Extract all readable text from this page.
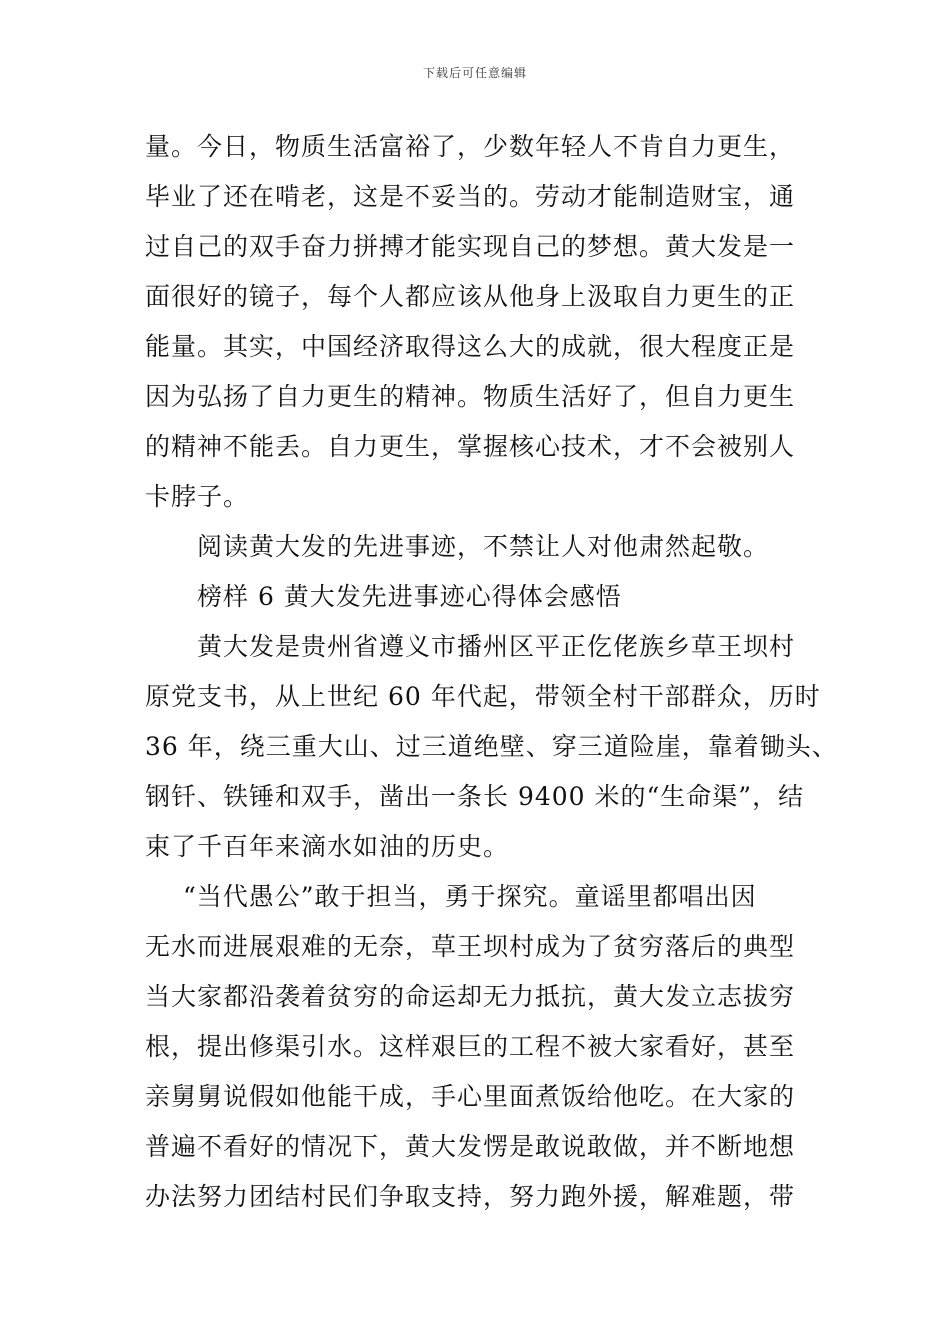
下载后可任意编辑
量。今日，物质生活富裕了，少数年轻人不肯自力更生，
毕业了还在啃老，这是不妥当的。劳动才能制造财宝，通
过自己的双手奋力拼搏才能实现自己的梦想。黄大发是一
面很好的镜子，每个人都应该从他身上汲取自力更生的正
能量。其实，中国经济取得这么大的成就，很大程度正是
因为弘扬了自力更生的精神。物质生活好了，但自力更生
的精神不能丢。自力更生，掌握核心技术，才不会被别人
卡脖子。
阅读黄大发的先进事迹，不禁让人对他肃然起敬。
榜样 6 黄大发先进事迹心得体会感悟
黄大发是贵州省遵义市播州区平正仡佬族乡草王坝村
原党支书，从上世纪 60 年代起，带领全村干部群众，历时
36 年，绕三重大山、过三道绝壁、穿三道险崖，靠着锄头、
钢钎、铁锤和双手，凿出一条长 9400 米的“生命渠”，结
束了千百年来滴水如油的历史。
“当代愚公”敢于担当，勇于探究。童谣里都唱出因
无水而进展艰难的无奈，草王坝村成为了贫穷落后的典型
当大家都沿袭着贫穷的命运却无力抵抗，黄大发立志拔穷
根，提出修渠引水。这样艰巨的工程不被大家看好，甚至
亲舅舅说假如他能干成，手心里面煮饭给他吃。在大家的
普遍不看好的情况下，黄大发愣是敢说敢做，并不断地想
办法努力团结村民们争取支持，努力跑外援，解难题，带
